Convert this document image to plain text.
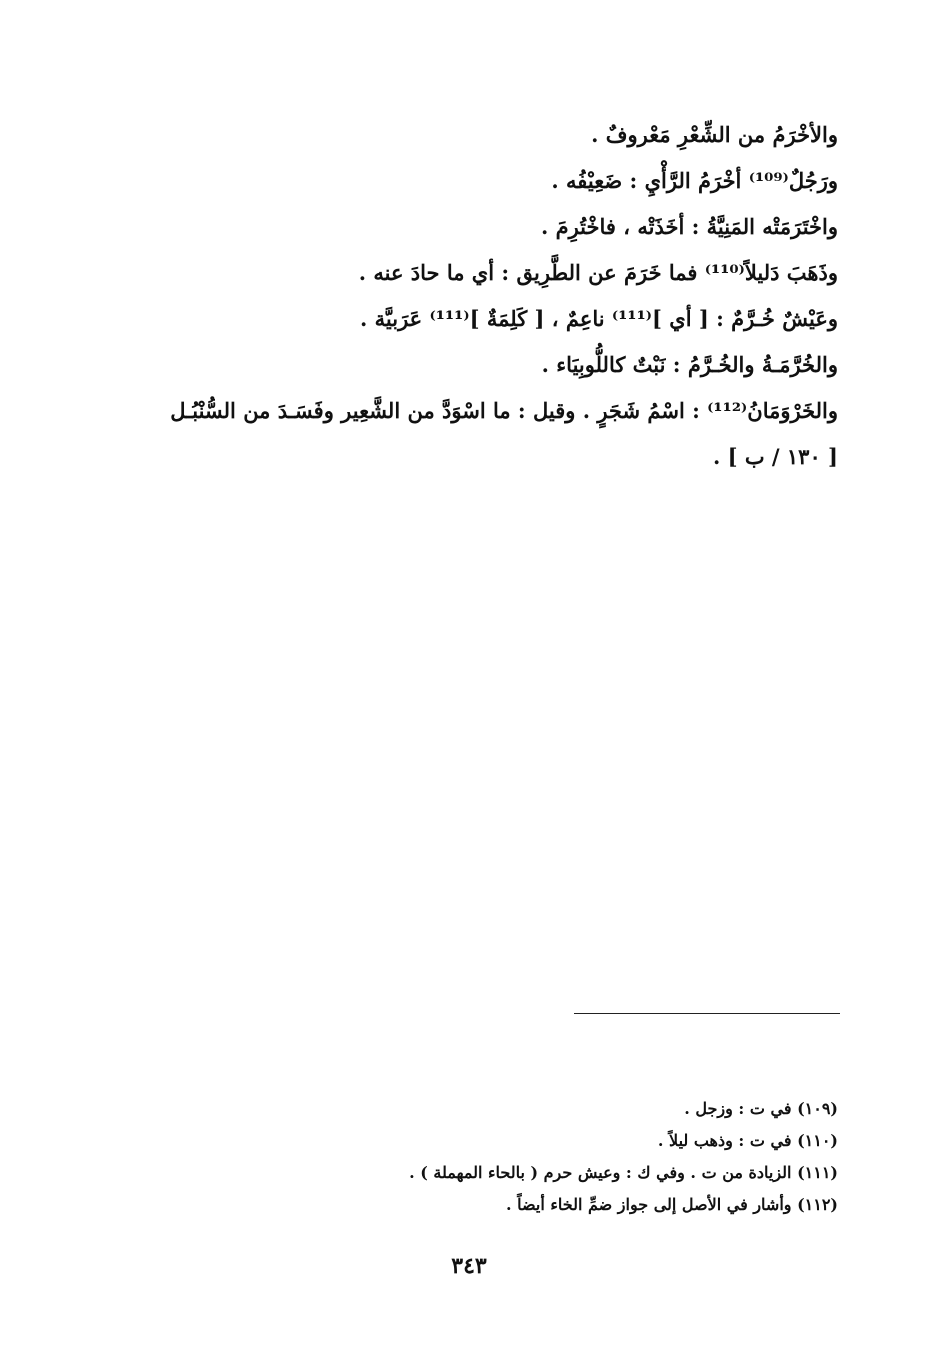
والأخْرَمُ من الشِّعْرِ مَعْروفٌ .
ورَجُلٌ⁽¹⁰⁹⁾ أخْرَمُ الرَّأْيِ : ضَعِيْفُه .
واخْتَرَمَتْه المَنِيَّةُ : أخَذَتْه ، فاخْتُرِمَ .
وذَهَبَ دَليلاً⁽¹¹⁰⁾ فما خَرَمَ عن الطَّرِيق : أي ما حادَ عنه .
وعَيْشٌ خُـرَّمٌ : [ أي ]⁽¹¹¹⁾ ناعِمٌ ، [ كَلِمَةٌ ]⁽¹¹¹⁾ عَرَبيَّة .
والخُرَّمَـةُ والخُـرَّمُ : نَبْتٌ كاللُّوبِيَاء .
والخَرْوَمَانُ⁽¹¹²⁾ : اسْمُ شَجَرٍ . وقيل : ما اسْوَدَّ من الشَّعِير وفَسَـدَ من السُّنْبُـل
[ ١٣٠ / ب ] .
(١٠٩) في ت : وزجل .
(١١٠) في ت : وذهب ليلاً .
(١١١) الزيادة من ت . وفي ك : وعيش حرم ( بالحاء المهملة ) .
(١١٢) وأشار في الأصل إلى جواز ضمِّ الخاء أيضاً .
٣٤٣
